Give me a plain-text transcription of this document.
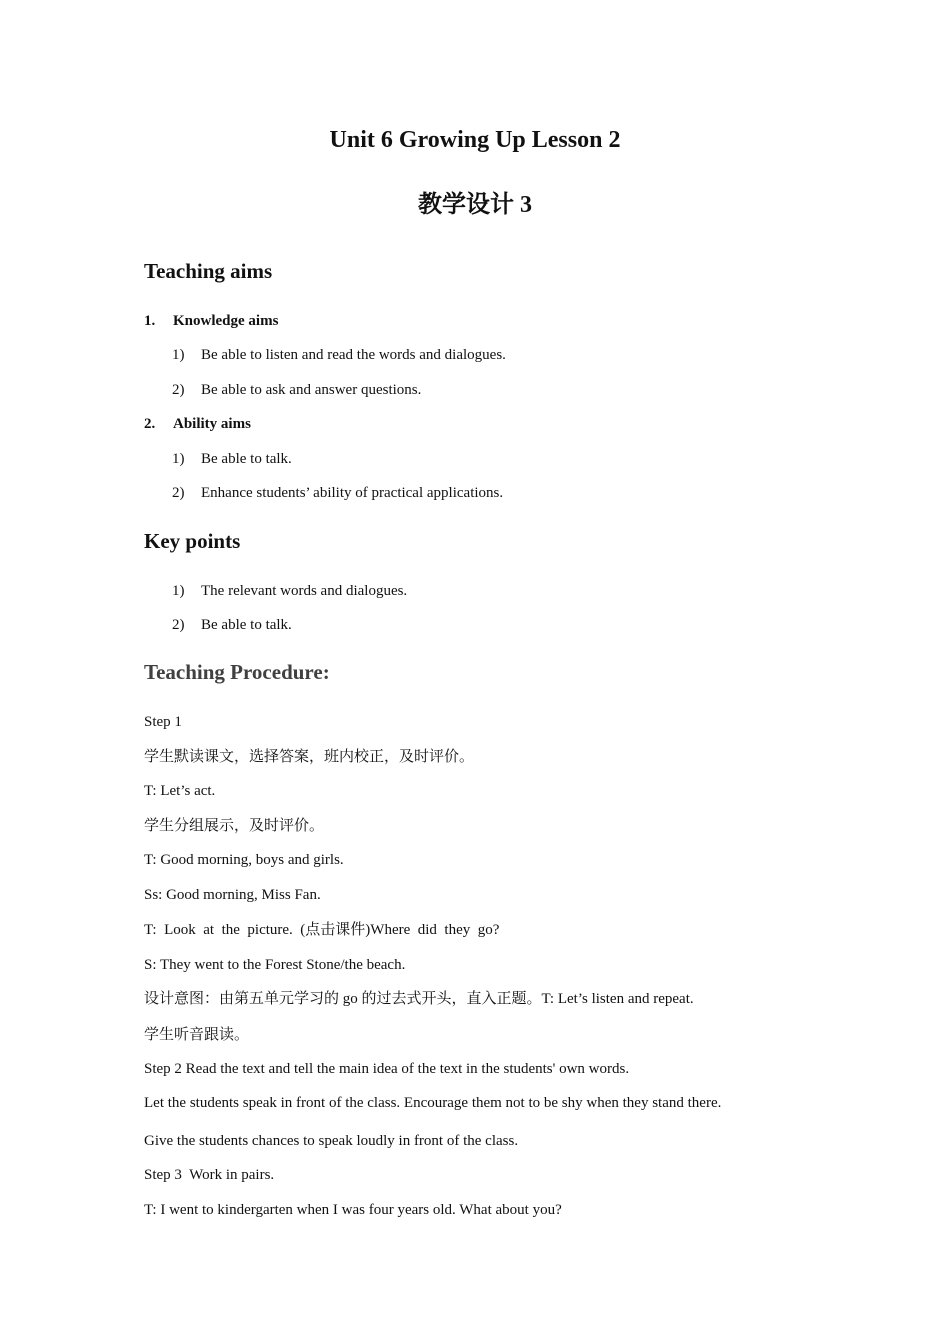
Unit 6 Growing Up Lesson 2
教学设计 3
Teaching aims
1. Knowledge aims
1) Be able to listen and read the words and dialogues.
2) Be able to ask and answer questions.
2. Ability aims
1) Be able to talk.
2) Enhance students’ ability of practical applications.
Key points
1) The relevant words and dialogues.
2) Be able to talk.
Teaching Procedure:
Step 1
学生默读课文，选择答案，班内校正，及时评价。
T: Let’s act.
学生分组展示，及时评价。
T: Good morning, boys and girls.
Ss: Good morning, Miss Fan.
T:  Look  at  the  picture.  (点击课件)Where  did  they  go?
S: They went to the Forest Stone/the beach.
设计意图：由第五单元学习的 go 的过去式开头，直入正题。T: Let’s listen and repeat.
学生听音跟读。
Step 2 Read the text and tell the main idea of the text in the students' own words.
Let the students speak in front of the class. Encourage them not to be shy when they stand there.
Give the students chances to speak loudly in front of the class.
Step 3  Work in pairs.
T: I went to kindergarten when I was four years old. What about you?
